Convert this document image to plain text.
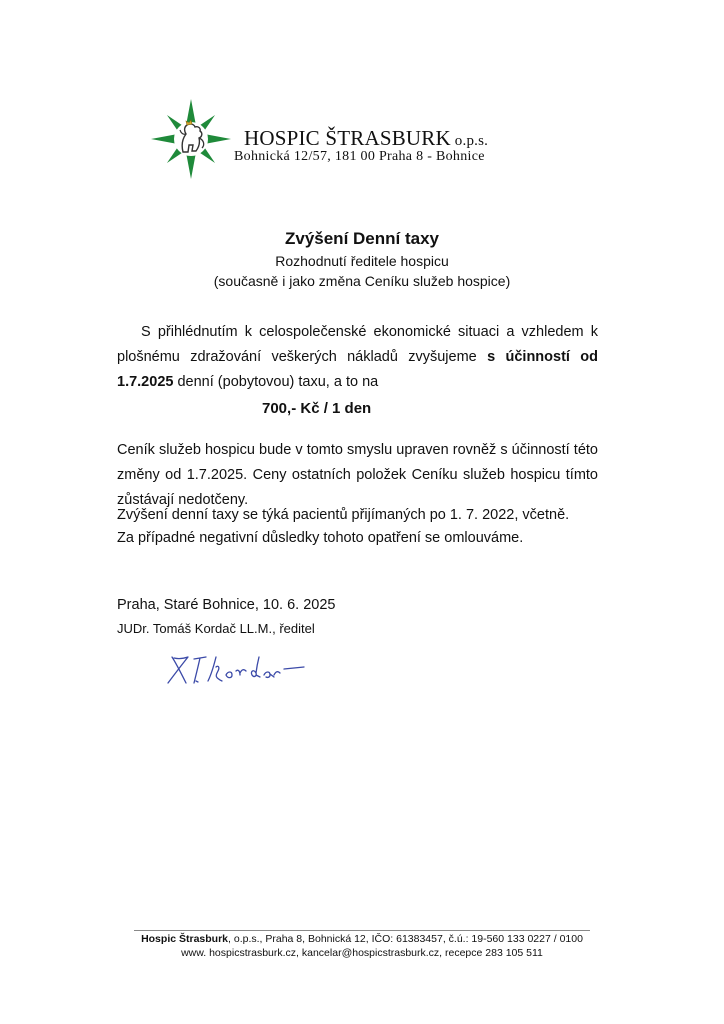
HOSPIC ŠTRASBURK o.p.s.
Bohnická 12/57, 181 00 Praha 8 - Bohnice
Zvýšení Denní taxy
Rozhodnutí ředitele hospicu
(současně i jako změna Ceníku služeb hospice)
S přihlédnutím k celospolečenské ekonomické situaci a vzhledem k plošnému zdražování veškerých nákladů zvyšujeme s účinností od 1.7.2025 denní (pobytovou) taxu, a to na
700,- Kč / 1 den
Ceník služeb hospicu bude v tomto smyslu upraven rovněž s účinností této změny od 1.7.2025. Ceny ostatních položek Ceníku služeb hospicu tímto zůstávají nedotčeny.
Zvýšení denní taxy se týká pacientů přijímaných po 1. 7. 2022, včetně.
Za případné negativní důsledky tohoto opatření se omlouváme.
Praha, Staré Bohnice, 10. 6. 2025
JUDr. Tomáš Kordač LL.M., ředitel
Hospic Štrasburk, o.p.s., Praha 8, Bohnická 12, IČO: 61383457, č.ú.: 19-560 133 0227 / 0100
www. hospicstrasburk.cz, kancelar@hospicstrasburk.cz, recepce 283 105 511
